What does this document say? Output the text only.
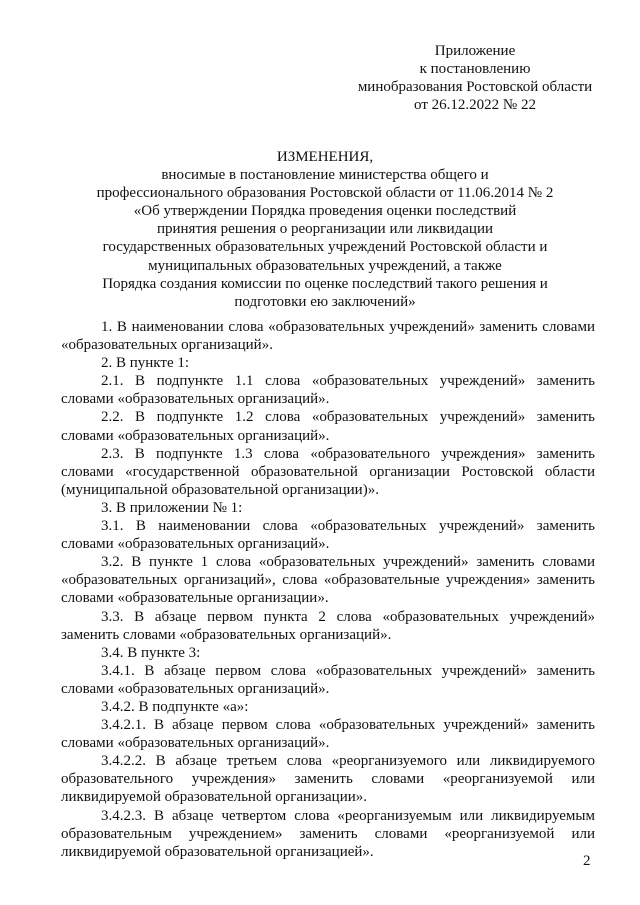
Приложение
к постановлению
минобразования Ростовской области
от 26.12.2022 № 22
ИЗМЕНЕНИЯ,
вносимые в постановление министерства общего и
профессионального образования Ростовской области от 11.06.2014 № 2
«Об утверждении Порядка проведения оценки последствий
принятия решения о реорганизации или ликвидации
государственных образовательных учреждений Ростовской области и
муниципальных образовательных учреждений, а также
Порядка создания комиссии по оценке последствий такого решения и
подготовки ею заключений»

1. В наименовании слова «образовательных учреждений» заменить словами «образовательных организаций».

2. В пункте 1:

2.1. В подпункте 1.1 слова «образовательных учреждений» заменить словами «образовательных организаций».

2.2. В подпункте 1.2 слова «образовательных учреждений» заменить словами «образовательных организаций».

2.3. В подпункте 1.3 слова «образовательного учреждения» заменить словами «государственной образовательной организации Ростовской области (муниципальной образовательной организации)».

3. В приложении № 1:

3.1. В наименовании слова «образовательных учреждений» заменить словами «образовательных организаций».

3.2. В пункте 1 слова «образовательных учреждений» заменить словами «образовательных организаций», слова «образовательные учреждения» заменить словами «образовательные организации».

3.3. В абзаце первом пункта 2 слова «образовательных учреждений» заменить словами «образовательных организаций».

3.4. В пункте 3:

3.4.1. В абзаце первом слова «образовательных учреждений» заменить словами «образовательных организаций».

3.4.2. В подпункте «а»:

3.4.2.1. В абзаце первом слова «образовательных учреждений» заменить словами «образовательных организаций».

3.4.2.2. В абзаце третьем слова «реорганизуемого или ликвидируемого образовательного учреждения» заменить словами «реорганизуемой или ликвидируемой образовательной организации».

3.4.2.3. В абзаце четвертом слова «реорганизуемым или ликвидируемым образовательным учреждением» заменить словами «реорганизуемой или ликвидируемой образовательной организацией».

2
